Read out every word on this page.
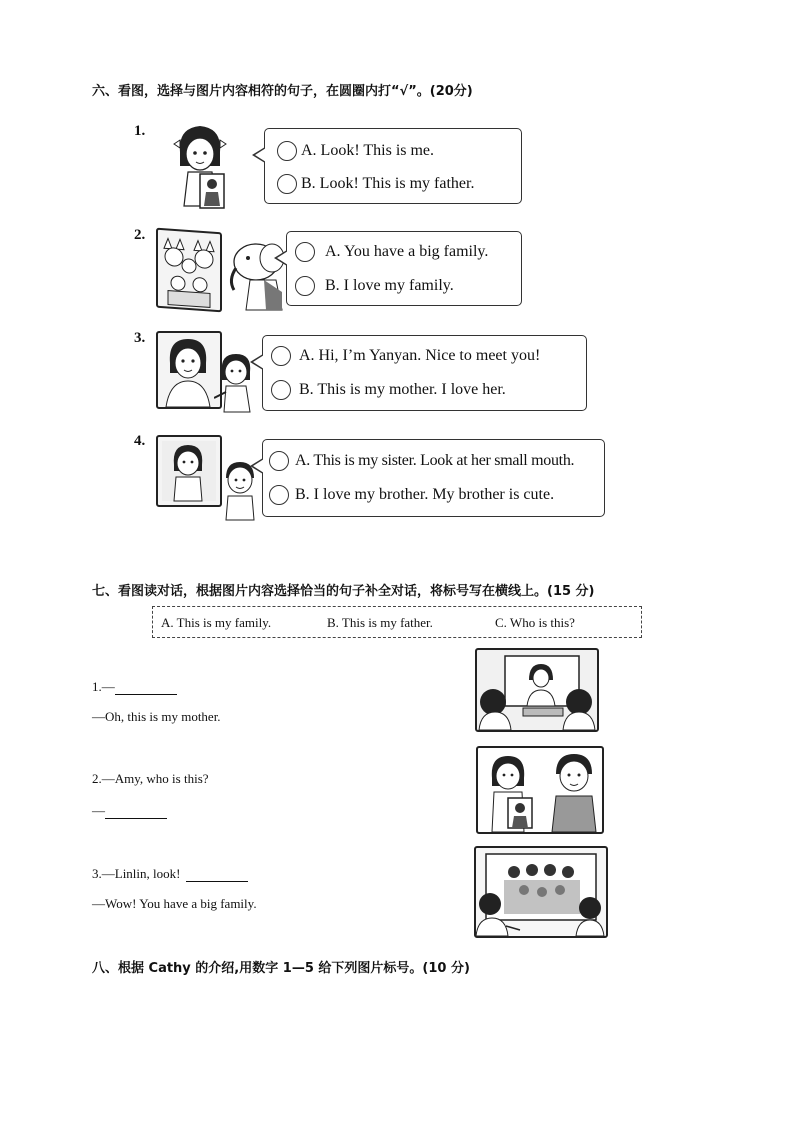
六、看图，选择与图片内容相符的句子，在圆圈内打“√”。(20分)
1.
A. Look! This is me.
B. Look! This is my father.
2.
A. You have a big family.
B. I love my family.
3.
A. Hi, I’m Yanyan. Nice to meet you!
B. This is my mother. I love her.
4.
A. This is my sister. Look at her small mouth.
B. I love my brother. My brother is cute.
七、看图读对话，根据图片内容选择恰当的句子补全对话，将标号写在横线上。(15 分)
A. This is my family.	B. This is my father.	C. Who is this?
1.—
—Oh, this is my mother.
2.—Amy, who is this?
—
3.—Linlin, look!
—Wow! You have a big family.
八、根据 Cathy 的介绍,用数字 1—5 给下列图片标号。(10 分)
